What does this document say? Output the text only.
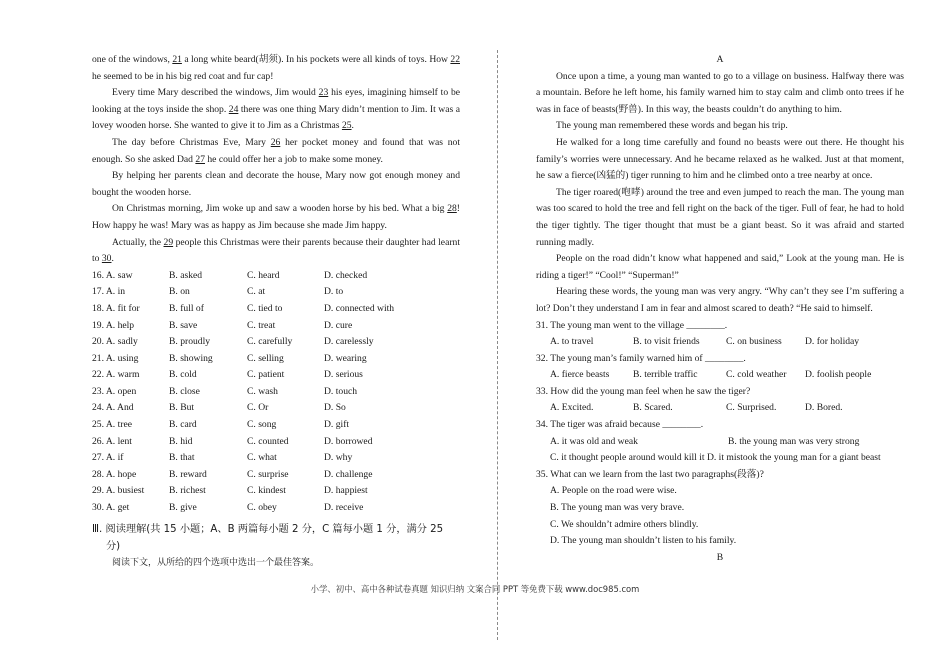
one of the windows, 21 a long white beard(胡须). In his pockets were all kinds of toys. How 22 he seemed to be in his big red coat and fur cap!

Every time Mary described the windows, Jim would 23 his eyes, imagining himself to be looking at the toys inside the shop. 24 there was one thing Mary didn’t mention to Jim. It was a lovey wooden horse. She wanted to give it to Jim as a Christmas 25.

The day before Christmas Eve, Mary 26 her pocket money and found that was not enough. So she asked Dad 27 he could offer her a job to make some money.

By helping her parents clean and decorate the house, Mary now got enough money and bought the wooden horse.

On Christmas morning, Jim woke up and saw a wooden horse by his bed. What a big 28! How happy he was! Mary was as happy as Jim because she made Jim happy.

Actually, the 29 people this Christmas were their parents because their daughter had learnt to 30.

16. A. saw	B. asked	C. heard	D. checked
17. A. in	B. on	C. at	D. to
18. A. fit for	B. full of	C. tied to	D. connected with
19. A. help	B. save	C. treat	D. cure
20. A. sadly	B. proudly	C. carefully	D. carelessly
21. A. using	B. showing	C. selling	D. wearing
22. A. warm	B. cold	C. patient	D. serious
23. A. open	B. close	C. wash	D. touch
24. A. And	B. But	C. Or	D. So
25. A. tree	B. card	C. song	D. gift
26. A. lent	B. hid	C. counted	D. borrowed
27. A. if	B. that	C. what	D. why
28. A. hope	B. reward	C. surprise	D. challenge
29. A. busiest	B. richest	C. kindest	D. happiest
30. A. get	B. give	C. obey	D. receive
Ⅲ. 阅读理解(共 15 小题；A、B 两篇每小题 2 分，C 篇每小题 1 分，满分 25
分)

阅读下文，从所给的四个选项中选出一个最佳答案。

A

Once upon a time, a young man wanted to go to a village on business. Halfway there was a mountain. Before he left home, his family warned him to stay calm and climb onto trees if he was in face of beasts(野兽). In this way, the beasts couldn’t do anything to him.

The young man remembered these words and began his trip.

He walked for a long time carefully and found no beasts were out there. He thought his family’s worries were unnecessary. And he became relaxed as he walked. Just at that moment, he saw a fierce(凶猛的) tiger running to him and he climbed onto a tree nearby at once.

The tiger roared(咆哮) around the tree and even jumped to reach the man. The young man was too scared to hold the tree and fell right on the back of the tiger. Full of fear, he had to hold the tiger tightly. The tiger thought that must be a giant beast. So it was afraid and started running madly.

People on the road didn’t know what happened and said,” Look at the young man. He is riding a tiger!” “Cool!” “Superman!”

Hearing these words, the young man was very angry. “Why can’t they see I’m suffering a lot? Don’t they understand I am in fear and almost scared to death? “He said to himself.

31. The young man went to the village ________.

A. to travel	B. to visit friends	C. on business	D. for holiday

32. The young man’s family warned him of ________.

A. fierce beasts	B. terrible traffic	C. cold weather	D. foolish people

33. How did the young man feel when he saw the tiger?

A. Excited.	B. Scared.	C. Surprised.	D. Bored.

34. The tiger was afraid because ________.

A. it was old and weak	B. the young man was very strong

C. it thought people around would kill it D. it mistook the young man for a giant beast

35. What can we learn from the last two paragraphs(段落)?

A. People on the road were wise.

B. The young man was very brave.

C. We shouldn’t admire others blindly.

D. The young man shouldn’t listen to his family.

B

小学、初中、高中各种试卷真题 知识归纳 文案合同 PPT 等免费下载 www.doc985.com
